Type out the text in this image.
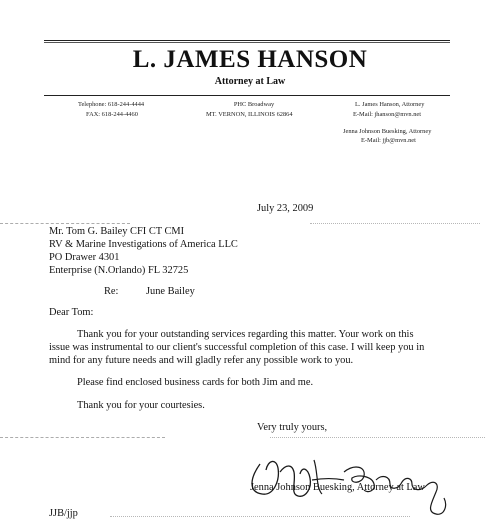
L. JAMES HANSON
Attorney at Law
Telephone: 618-244-4444
FAX: 618-244-4460
PHC Broadway
MT. VERNON, ILLINOIS 62864
L. James Hanson, Attorney
E-Mail: jhanson@mvn.net
Jenna Johnson Buesking, Attorney
E-Mail: jjb@mvn.net
July 23, 2009
Mr. Tom G. Bailey CFI CT CMI
RV & Marine Investigations of America LLC
PO Drawer 4301
Enterprise (N.Orlando) FL 32725
Re:	June Bailey
Dear Tom:
Thank you for your outstanding services regarding this matter. Your work on this
issue was instrumental to our client's successful completion of this case. I will keep you in
mind for any future needs and will gladly refer any possible work to you.
Please find enclosed business cards for both Jim and me.
Thank you for your courtesies.
Very truly yours,
Jenna Johnson Buesking, Attorney at Law
JJB/jjp
